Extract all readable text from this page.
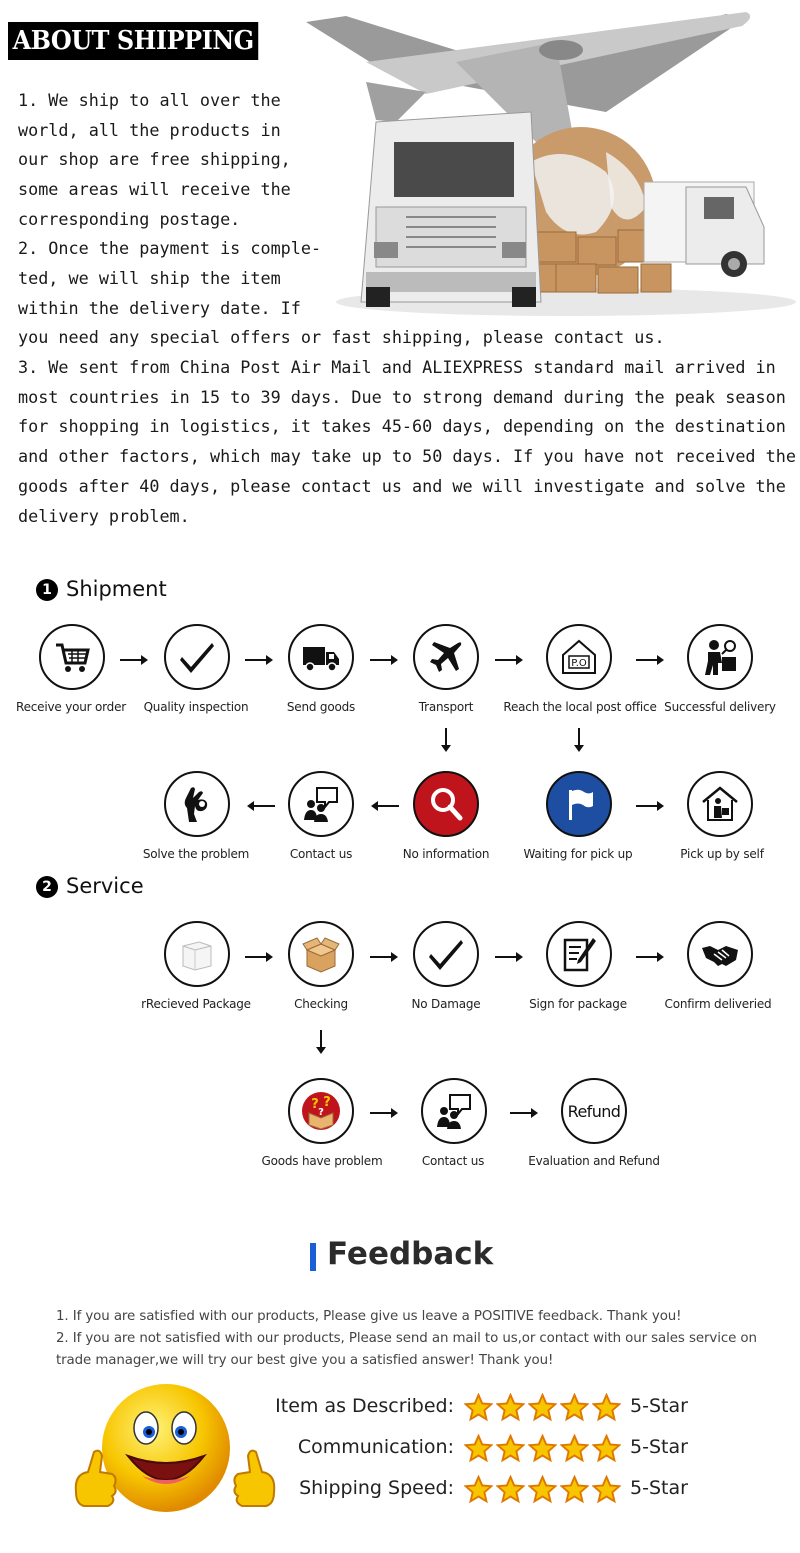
ABOUT SHIPPING
1. We ship to all over the
world, all the products in
our shop are free shipping,
some areas will receive the
corresponding postage.
2. Once the payment is comple-
ted, we will ship the item
within the delivery date. If
you need any special offers or fast shipping, please contact us.
3. We sent from China Post Air Mail and ALIEXPRESS standard mail arrived in
most countries in 15 to 39 days. Due to strong demand during the peak season
for shopping in logistics, it takes 45-60 days, depending on the destination
and other factors, which may take up to 50 days. If you have not received the
goods after 40 days, please contact us and we will investigate and solve the
delivery problem.
1 Shipment
P.O
Receive your order	Quality inspection	Send goods	Transport	Reach the local post office Successful delivery
Solve the problem	Contact us	No information	Waiting for pick up	Pick up by self
2 Service
rRecieved Package	Checking	No Damage	Sign for package	Confirm deliveried
? ?
?	Refund
Goods have problem	Contact us	Evaluation and Refund
Feedback
1. If you are satisfied with our products, Please give us leave a POSITIVE feedback. Thank you!
2. If you are not satisfied with our products, Please send an mail to us,or contact with our sales service on
trade manager,we will try our best give you a satisfied answer! Thank you!
Item as Described:	5-Star
Communication:	5-Star
Shipping Speed:	5-Star
